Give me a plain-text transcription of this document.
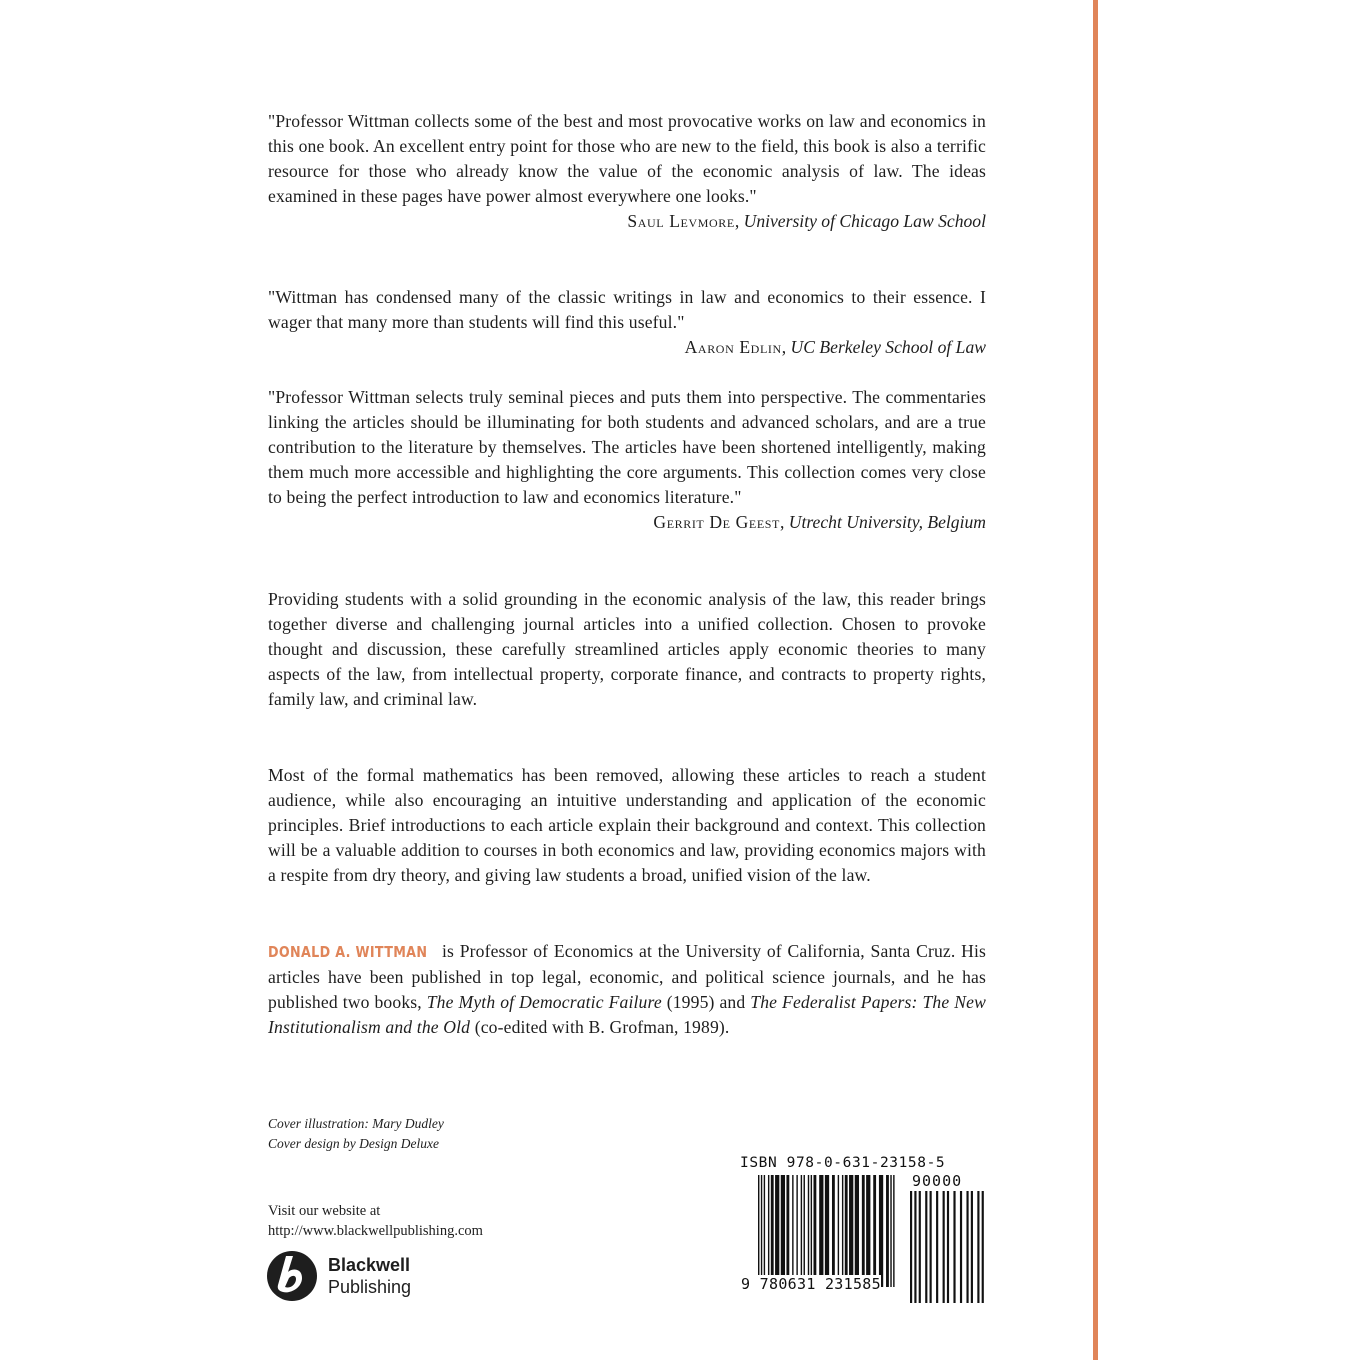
"Professor Wittman collects some of the best and most provocative works on law and economics in this one book. An excellent entry point for those who are new to the field, this book is also a terrific resource for those who already know the value of the economic analysis of law. The ideas examined in these pages have power almost everywhere one looks."

Saul Levmore, University of Chicago Law School

"Wittman has condensed many of the classic writings in law and economics to their essence. I wager that many more than students will find this useful."

Aaron Edlin, UC Berkeley School of Law

"Professor Wittman selects truly seminal pieces and puts them into perspective. The commentaries linking the articles should be illuminating for both students and advanced scholars, and are a true contribution to the literature by themselves. The articles have been shortened intelligently, making them much more accessible and highlighting the core arguments. This collection comes very close to being the perfect introduction to law and economics literature."

Gerrit De Geest, Utrecht University, Belgium

Providing students with a solid grounding in the economic analysis of the law, this reader brings together diverse and challenging journal articles into a unified collection. Chosen to provoke thought and discussion, these carefully streamlined articles apply economic theories to many aspects of the law, from intellectual property, corporate finance, and contracts to property rights, family law, and criminal law.

Most of the formal mathematics has been removed, allowing these articles to reach a student audience, while also encouraging an intuitive understanding and application of the economic principles. Brief introductions to each article explain their background and context. This collection will be a valuable addition to courses in both economics and law, providing economics majors with a respite from dry theory, and giving law students a broad, unified vision of the law.

DONALD A. WITTMAN is Professor of Economics at the University of California, Santa Cruz. His articles have been published in top legal, economic, and political science journals, and he has published two books, The Myth of Democratic Failure (1995) and The Federalist Papers: The New Institutionalism and the Old (co-edited with B. Grofman, 1989).

Cover illustration: Mary Dudley
Cover design by Design Deluxe
Visit our website at
http://www.blackwellpublishing.com
Blackwell
Publishing
ISBN 978-0-631-23158-5
90000
9 780631 231585
